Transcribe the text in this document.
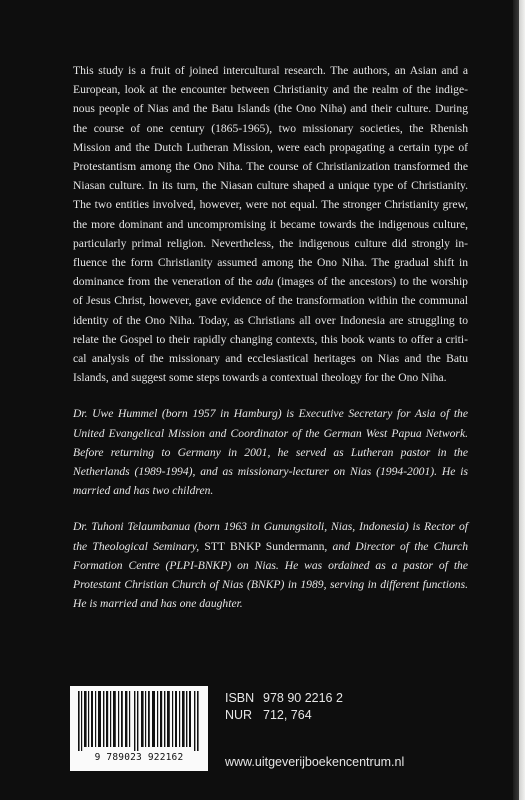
This study is a fruit of joined intercultural research. The authors, an Asian and a European, look at the encounter between Christianity and the realm of the indigenous people of Nias and the Batu Islands (the Ono Niha) and their culture. During the course of one century (1865-1965), two missionary societies, the Rhenish Mission and the Dutch Lutheran Mission, were each propagating a certain type of Protestantism among the Ono Niha. The course of Christianization transformed the Niasan culture. In its turn, the Niasan culture shaped a unique type of Christianity. The two entities involved, however, were not equal. The stronger Christianity grew, the more dominant and uncompromising it became towards the indigenous culture, particularly primal religion. Nevertheless, the indigenous culture did strongly influence the form Christianity assumed among the Ono Niha. The gradual shift in dominance from the veneration of the adu (images of the ancestors) to the worship of Jesus Christ, however, gave evidence of the transformation within the communal identity of the Ono Niha. Today, as Christians all over Indonesia are struggling to relate the Gospel to their rapidly changing contexts, this book wants to offer a critical analysis of the missionary and ecclesiastical heritages on Nias and the Batu Islands, and suggest some steps towards a contextual theology for the Ono Niha.

Dr. Uwe Hummel (born 1957 in Hamburg) is Executive Secretary for Asia of the United Evangelical Mission and Coordinator of the German West Papua Network. Before returning to Germany in 2001, he served as Lutheran pastor in the Netherlands (1989-1994), and as missionary-lecturer on Nias (1994-2001). He is married and has two children.

Dr. Tuhoni Telaumbanua (born 1963 in Gunungsitoli, Nias, Indonesia) is Rector of the Theological Seminary, STT BNKP Sundermann, and Director of the Church Formation Centre (PLPI-BNKP) on Nias. He was ordained as a pastor of the Protestant Christian Church of Nias (BNKP) in 1989, serving in different functions. He is married and has one daughter.

9 789023 922162
ISBN 978 90 2216 2
NUR 712, 764
www.uitgeverijboekencentrum.nl
